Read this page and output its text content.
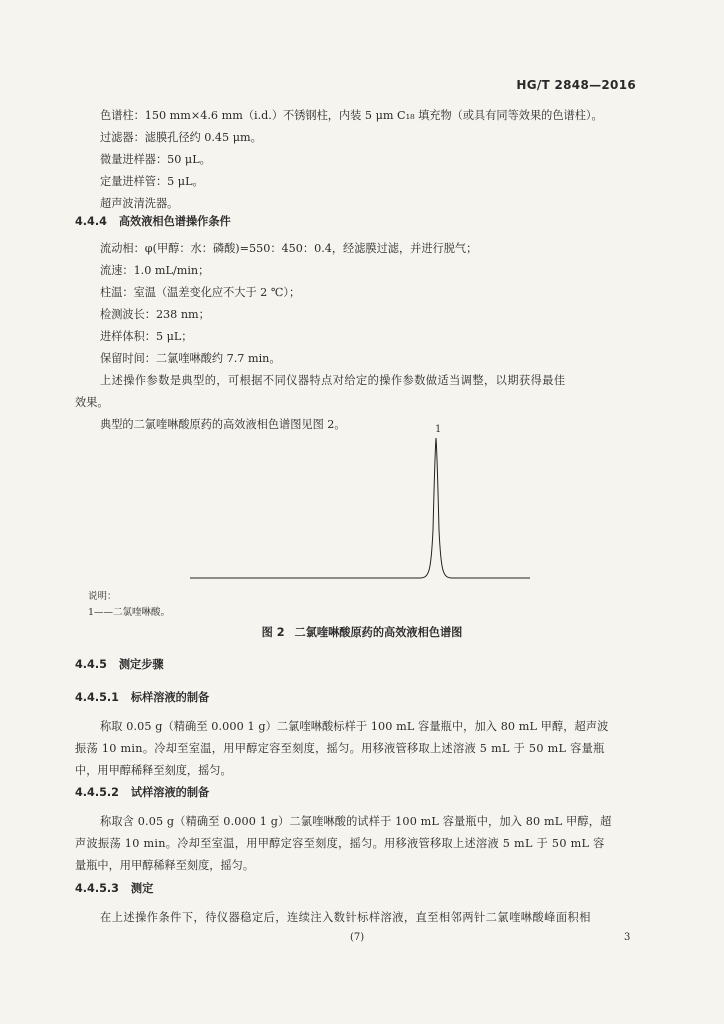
HG/T 2848—2016
色谱柱：150 mm×4.6 mm（i.d.）不锈钢柱，内装 5 μm C₁₈ 填充物（或具有同等效果的色谱柱）。
过滤器：滤膜孔径约 0.45 μm。
微量进样器：50 μL。
定量进样管：5 μL。
超声波清洗器。
4.4.4 高效液相色谱操作条件
流动相：φ(甲醇：水：磷酸)=550：450：0.4，经滤膜过滤，并进行脱气；
流速：1.0 mL/min；
柱温：室温（温差变化应不大于 2 ℃）；
检测波长：238 nm；
进样体积：5 μL；
保留时间：二氯喹啉酸约 7.7 min。
上述操作参数是典型的，可根据不同仪器特点对给定的操作参数做适当调整，以期获得最佳
效果。
典型的二氯喹啉酸原药的高效液相色谱图见图 2。	1
说明：
1——二氯喹啉酸。
图 2 二氯喹啉酸原药的高效液相色谱图
4.4.5 测定步骤
4.4.5.1 标样溶液的制备
称取 0.05 g（精确至 0.000 1 g）二氯喹啉酸标样于 100 mL 容量瓶中，加入 80 mL 甲醇，超声波
振荡 10 min。冷却至室温，用甲醇定容至刻度，摇匀。用移液管移取上述溶液 5 mL 于 50 mL 容量瓶
中，用甲醇稀释至刻度，摇匀。
4.4.5.2 试样溶液的制备
称取含 0.05 g（精确至 0.000 1 g）二氯喹啉酸的试样于 100 mL 容量瓶中，加入 80 mL 甲醇，超
声波振荡 10 min。冷却至室温，用甲醇定容至刻度，摇匀。用移液管移取上述溶液 5 mL 于 50 mL 容
量瓶中，用甲醇稀释至刻度，摇匀。
4.4.5.3 测定
在上述操作条件下，待仪器稳定后，连续注入数针标样溶液，直至相邻两针二氯喹啉酸峰面积相
(7)	3
